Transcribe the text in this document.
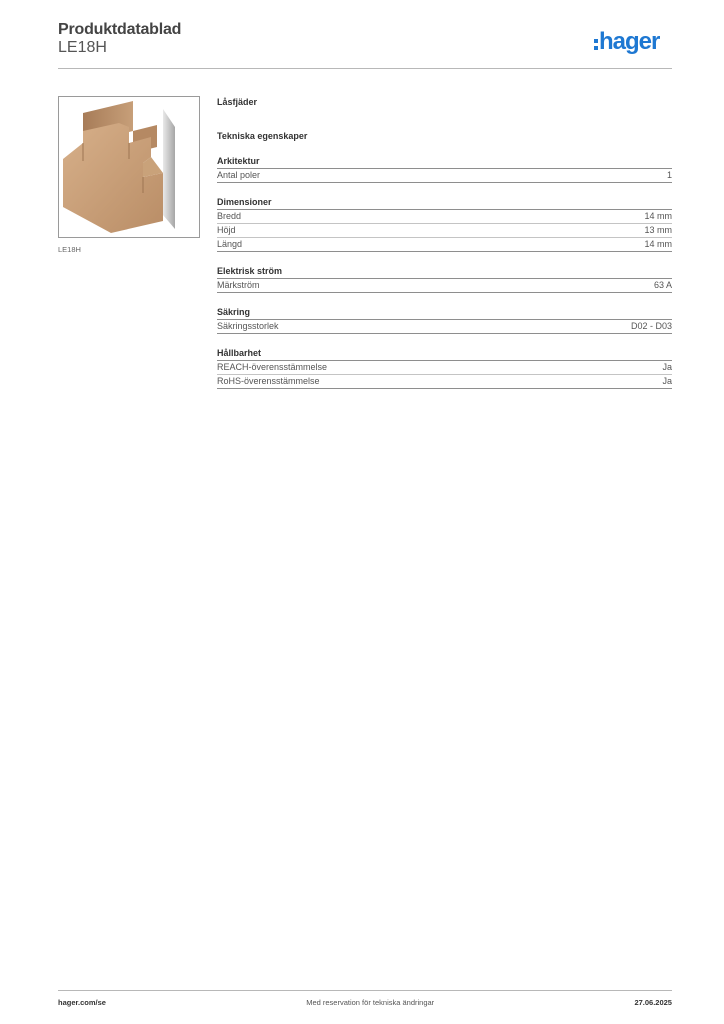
Produktdatablad
LE18H	hager
LE18H
Låsfjäder
Tekniska egenskaper
Arkitektur
Antal poler	1
Dimensioner
Bredd	14 mm
Höjd	13 mm
Längd	14 mm
Elektrisk ström
Märkström	63 A
Säkring
Säkringsstorlek	D02 - D03
Hållbarhet
REACH-överensstämmelse	Ja
RoHS-överensstämmelse	Ja
hager.com/se	Med reservation för tekniska ändringar	27.06.2025
